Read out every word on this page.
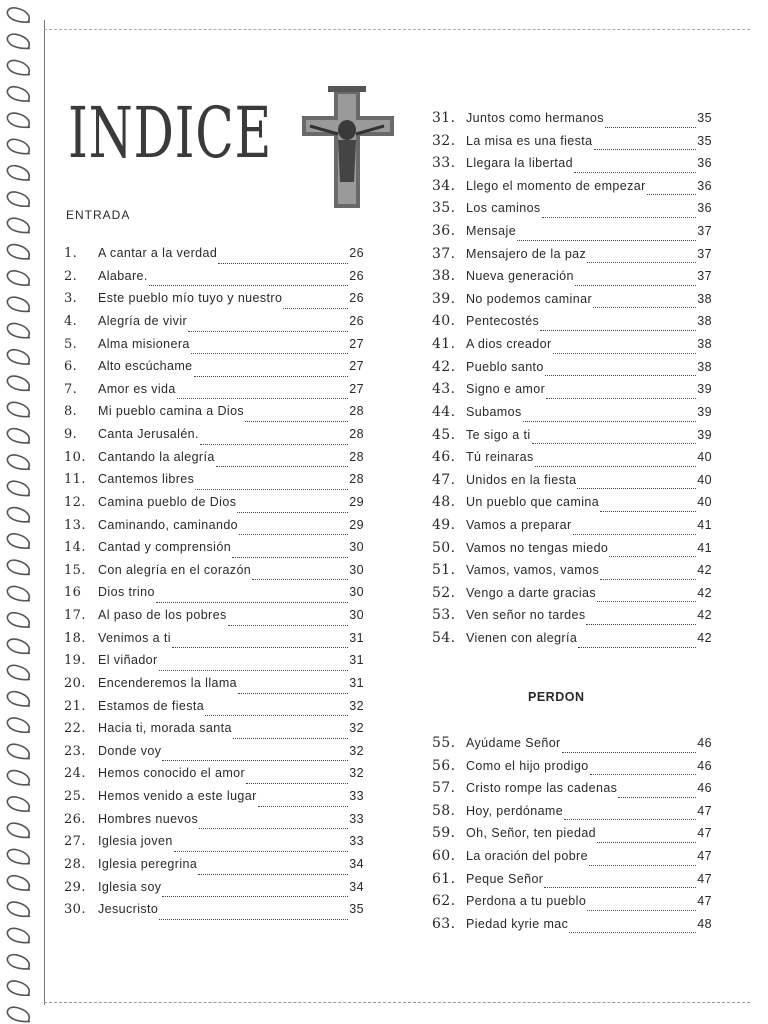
INDICE
ENTRADA
1.	A cantar a la verdad	26
2.	Alabare.	26
3.	Este pueblo mío tuyo y nuestro	26
4.	Alegría de vivir	26
5.	Alma misionera	27
6.	Alto escúchame	27
7.	Amor es vida	27
8.	Mi pueblo camina a Dios	28
9.	Canta Jerusalén.	28
10. Cantando la alegría	28
11. Cantemos libres	28
12. Camina pueblo de Dios	29
13. Caminando, caminando	29
14. Cantad y comprensión	30
15. Con alegría en el corazón	30
16	Dios trino	30
17. Al paso de los pobres	30
18. Venimos a ti	31
19. El viñador	31
20. Encenderemos la llama	31
21. Estamos de fiesta	32
22. Hacia ti, morada santa	32
23. Donde voy	32
24. Hemos conocido el amor	32
25. Hemos venido a este lugar	33
26. Hombres nuevos	33
27. Iglesia joven	33
28. Iglesia peregrina	34
29. Iglesia soy	34
30. Jesucristo	35
31. Juntos como hermanos	35
32. La misa es una fiesta	35
33. Llegara la libertad	36
34. Llego el momento de empezar	36
35. Los caminos	36
36. Mensaje	37
37. Mensajero de la paz	37
38. Nueva generación	37
39. No podemos caminar	38
40. Pentecostés	38
41. A dios creador	38
42. Pueblo santo	38
43. Signo e amor	39
44. Subamos	39
45. Te sigo a ti	39
46. Tú reinaras	40
47. Unidos en la fiesta	40
48. Un pueblo que camina	40
49. Vamos a preparar	41
50. Vamos no tengas miedo	41
51. Vamos, vamos, vamos	42
52. Vengo a darte gracias	42
53. Ven señor no tardes	42
54. Vienen con alegría	42
PERDON
55. Ayúdame Señor	46
56. Como el hijo prodigo	46
57. Cristo rompe las cadenas	46
58. Hoy, perdóname	47
59. Oh, Señor, ten piedad	47
60. La oración del pobre	47
61. Peque Señor	47
62. Perdona a tu pueblo	47
63. Piedad kyrie mac	48
